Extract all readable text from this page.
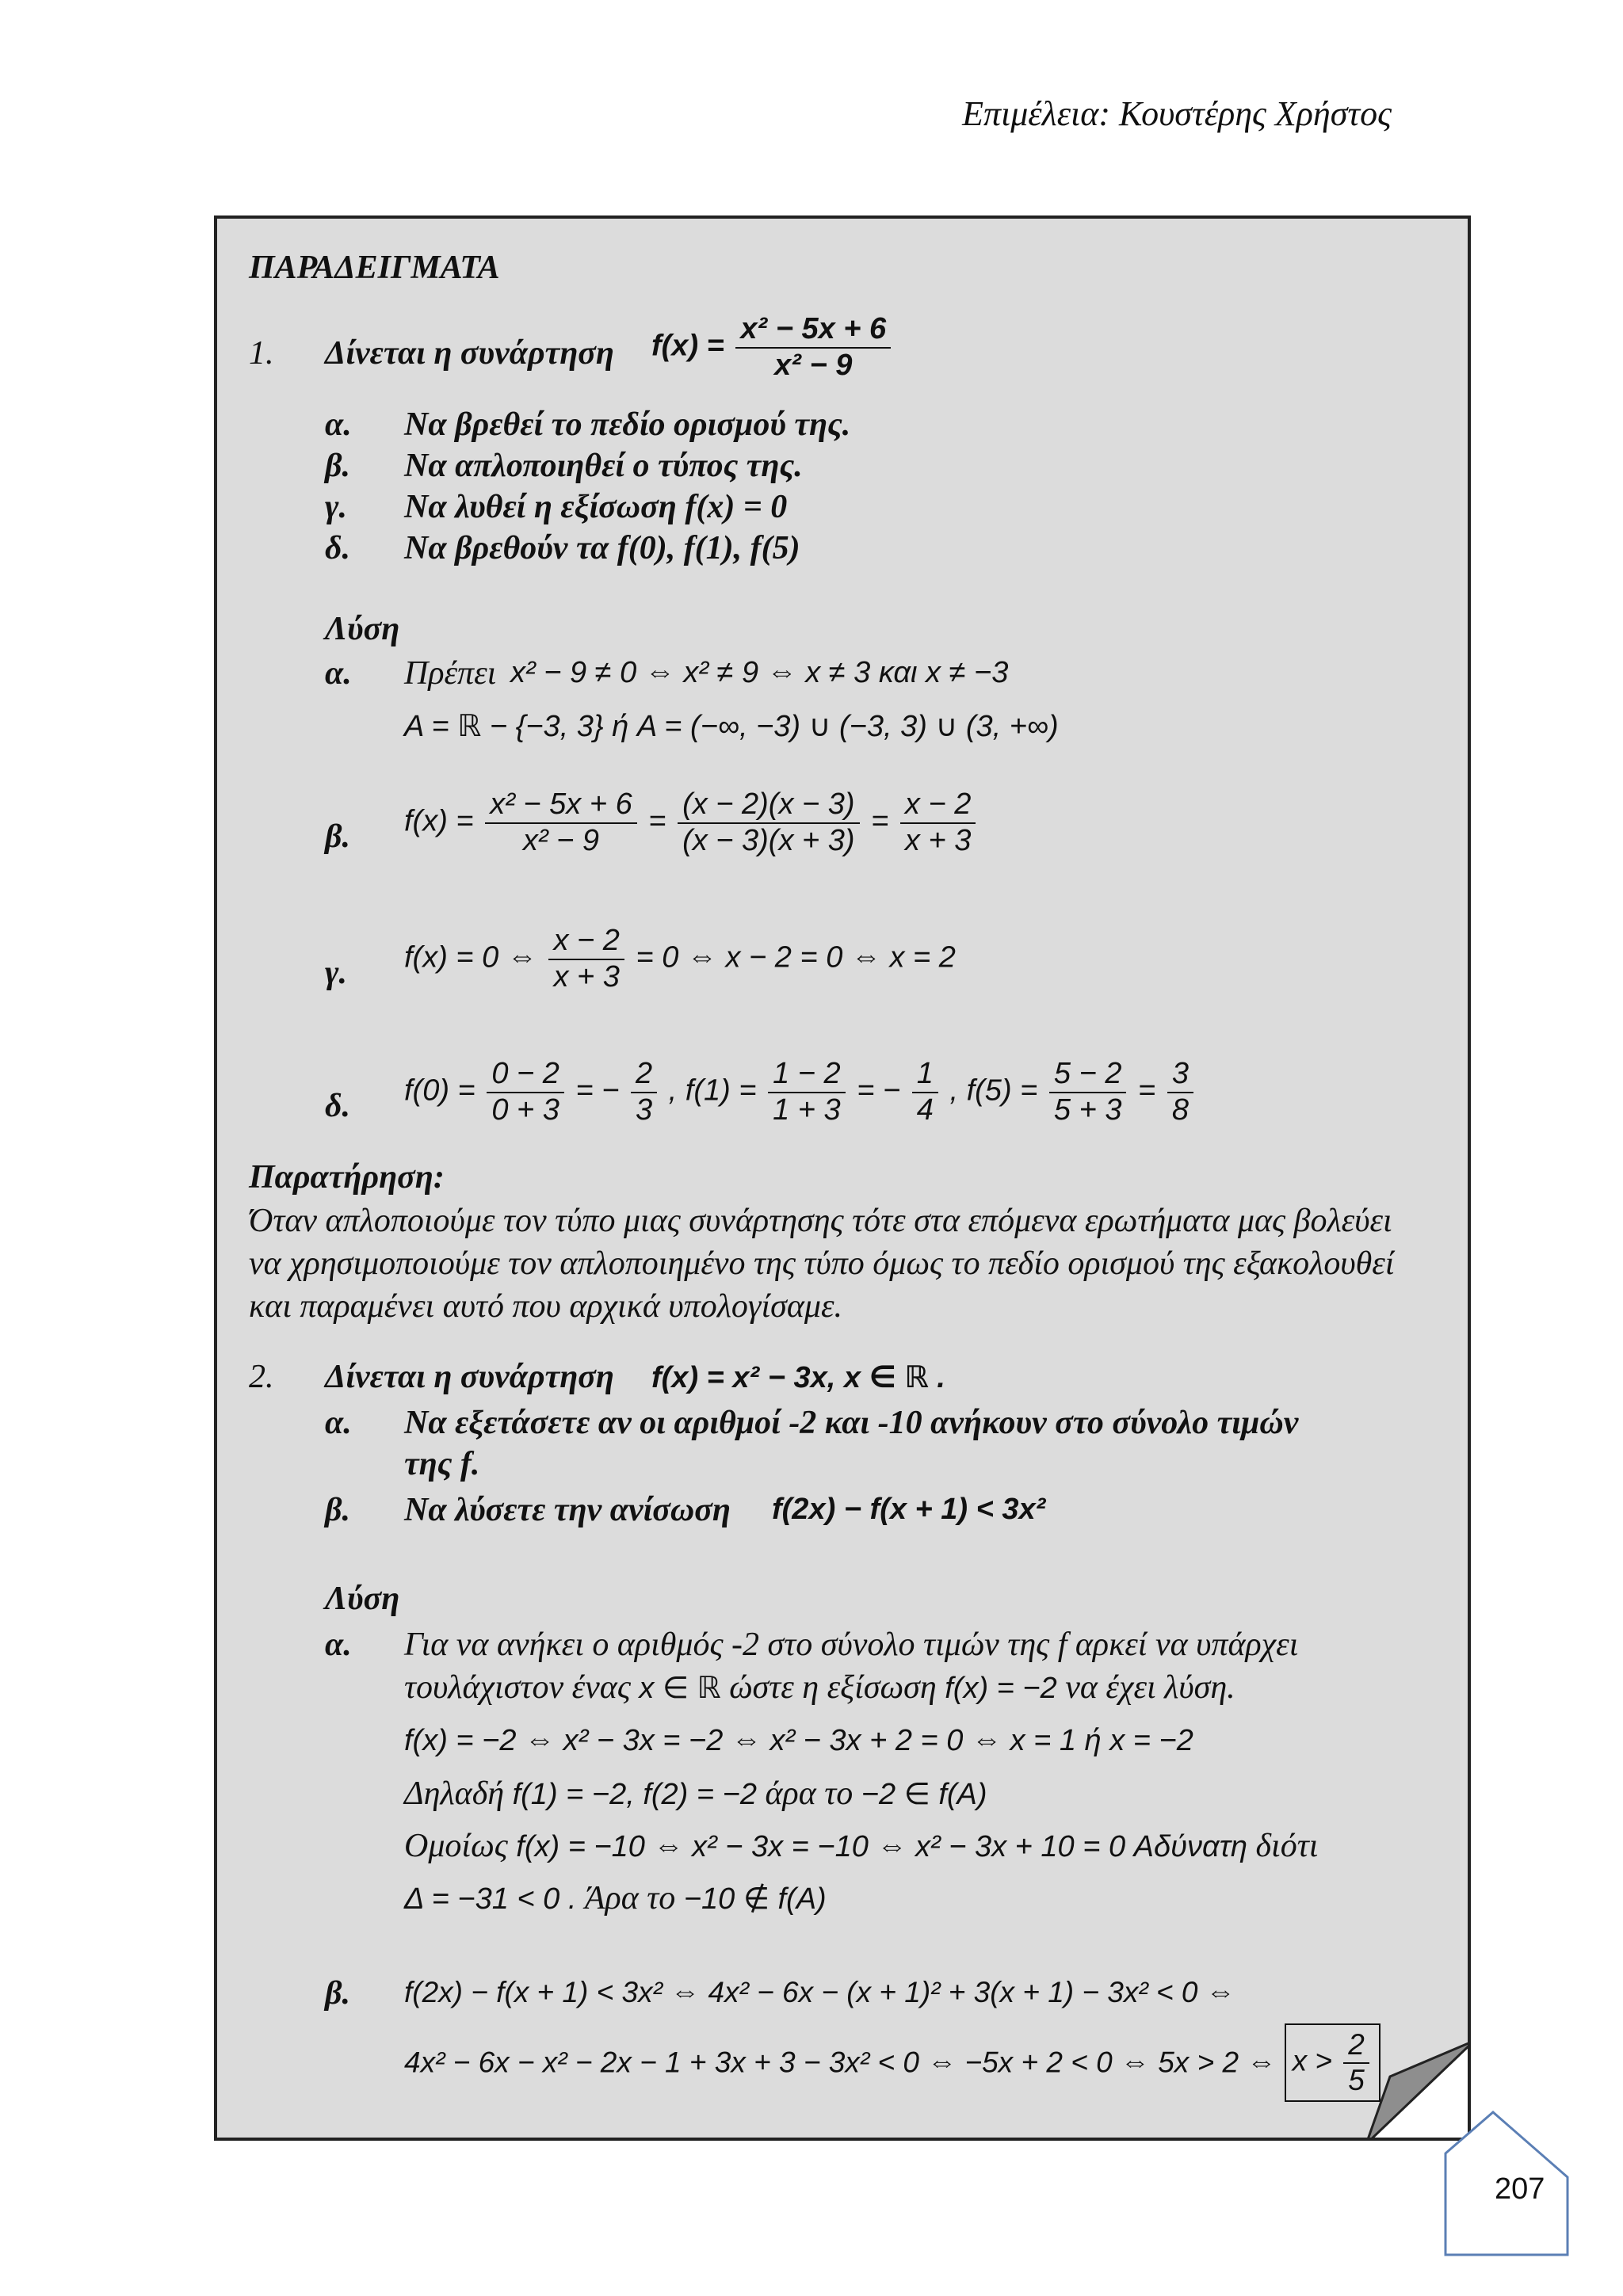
Επιμέλεια: Κουστέρης Χρήστος
ΠΑΡΑΔΕΙΓΜΑΤΑ
1. Δίνεται η συνάρτηση $f(x) = \frac{\text{x² − 5x + 6}}{\text{x² − 9}}$
α. Να βρεθεί το πεδίο ορισμού της.
β. Να απλοποιηθεί ο τύπος της.
γ. Να λυθεί η εξίσωση f(x) = 0
δ. Να βρεθούν τα f(0), f(1), f(5)
Λύση
α. Πρέπει x² − 9 ≠ 0 ⇔ x² ≠ 9 ⇔ x ≠ 3 και x ≠ −3
A = ℝ − {−3, 3} ή A = (−∞, −3) ∪ (−3, 3) ∪ (3, +∞)
β. $f(x) = \frac{\text{x² − 5x + 6}}{\text{x² − 9}} = \frac{(x - 2)(x - 3)}{(x - 3)(x + 3)} = \frac{x - 2}{x + 3}$
γ. f(x) = 0 ⇔ $\frac{x - 2}{x + 3} = 0$ ⇔ x − 2 = 0 ⇔ x = 2
δ. $f(0) = \frac{0 - 2}{0 + 3}$ = − $\frac{2}{3}$ , $f(1) = \frac{1 - 2}{1 + 3}$ = − $\frac{1}{4}$ , $f(5) = \frac{5 - 2}{5 + 3} = \frac{3}{8}$
Παρατήρηση:
Όταν απλοποιούμε τον τύπο μιας συνάρτησης τότε στα επόμενα ερωτήματα μας βολεύει να χρησιμοποιούμε τον απλοποιημένο της τύπο όμως το πεδίο ορισμού της εξακολουθεί και παραμένει αυτό που αρχικά υπολογίσαμε.
2. Δίνεται η συνάρτηση f(x) = x² − 3x, x ∈ ℝ .
α. Να εξετάσετε αν οι αριθμοί -2 και -10 ανήκουν στο σύνολο τιμών
της f.
β. Να λύσετε την ανίσωση f(2x) − f(x + 1) < 3x²
Λύση
α. Για να ανήκει ο αριθμός -2 στο σύνολο τιμών της f αρκεί να υπάρχει
τουλάχιστον ένας x ∈ ℝ ώστε η εξίσωση f(x) = −2 να έχει λύση.
f(x) = −2 ⇔ x² − 3x = −2 ⇔ x² − 3x + 2 = 0 ⇔ x = 1 ή x = −2
Δηλαδή f(1) = −2, f(2) = −2 άρα το −2 ∈ f(A)
Ομοίως f(x) = −10 ⇔ x² − 3x = −10 ⇔ x² − 3x + 10 = 0 Αδύνατη διότι
Δ = −31 < 0 . Άρα το −10 ∉ f(A)
β. f(2x) − f(x + 1) < 3x² ⇔ 4x² − 6x − (x + 1)² + 3(x + 1) − 3x² < 0 ⇔
4x² − 6x − x² − 2x − 1 + 3x + 3 − 3x² < 0 ⇔ −5x + 2 < 0 ⇔ 5x > 2 ⇔ $x > \frac{2}{5}$
207
